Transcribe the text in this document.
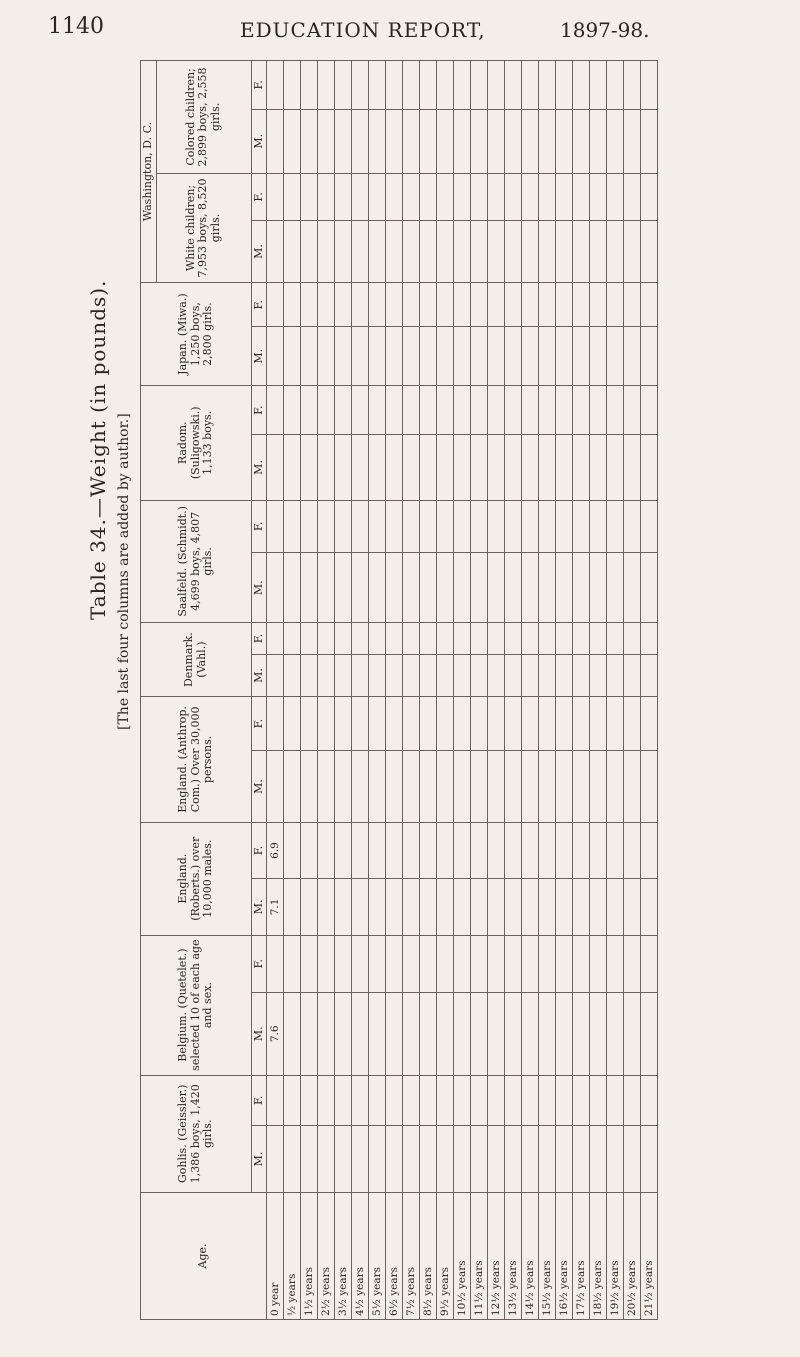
1140	EDUCATION REPORT,	1897-98.
Table 34.—Weight (in pounds). [The last four columns are added by author.]
Age.	Gohlis. (Geissler.) 1,386 boys, 1,420 girls.		Belgium. (Quetelet.) selected 10 of each age and sex.		England. (Roberts.) over 10,000 males.		England. (Anthrop. Com.) Over 30,000 persons.		Denmark. (Vahl.)		Saalfeld. (Schmidt.) 4,699 boys, 4,807 girls.		Radom. (Suligowski.) 1,133 boys.		Japan. (Miwa.) 1,250 boys, 2,800 girls.		Washington, D. C.			
																	White children; 7,953 boys, 8,520 girls.		Colored children; 2,899 boys, 2,558 girls.	
	M.	F.	M.	F.	M.	F.	M.	F.	M.	F.	M.	F.	M.	F.	M.	F.	M.	F.	M.	F.
0 year			7.6		7.1	6.9														
½ years																				
1½ years																				
2½ years																				
3½ years																				
4½ years																				
5½ years																				
6½ years																				
7½ years																				
8½ years																				
9½ years																				
10½ years																				
11½ years																				
12½ years																				
13½ years																				
14½ years																				
15½ years																				
16½ years																				
17½ years																				
18½ years																				
19½ years																				
20½ years																				
21½ years																				
